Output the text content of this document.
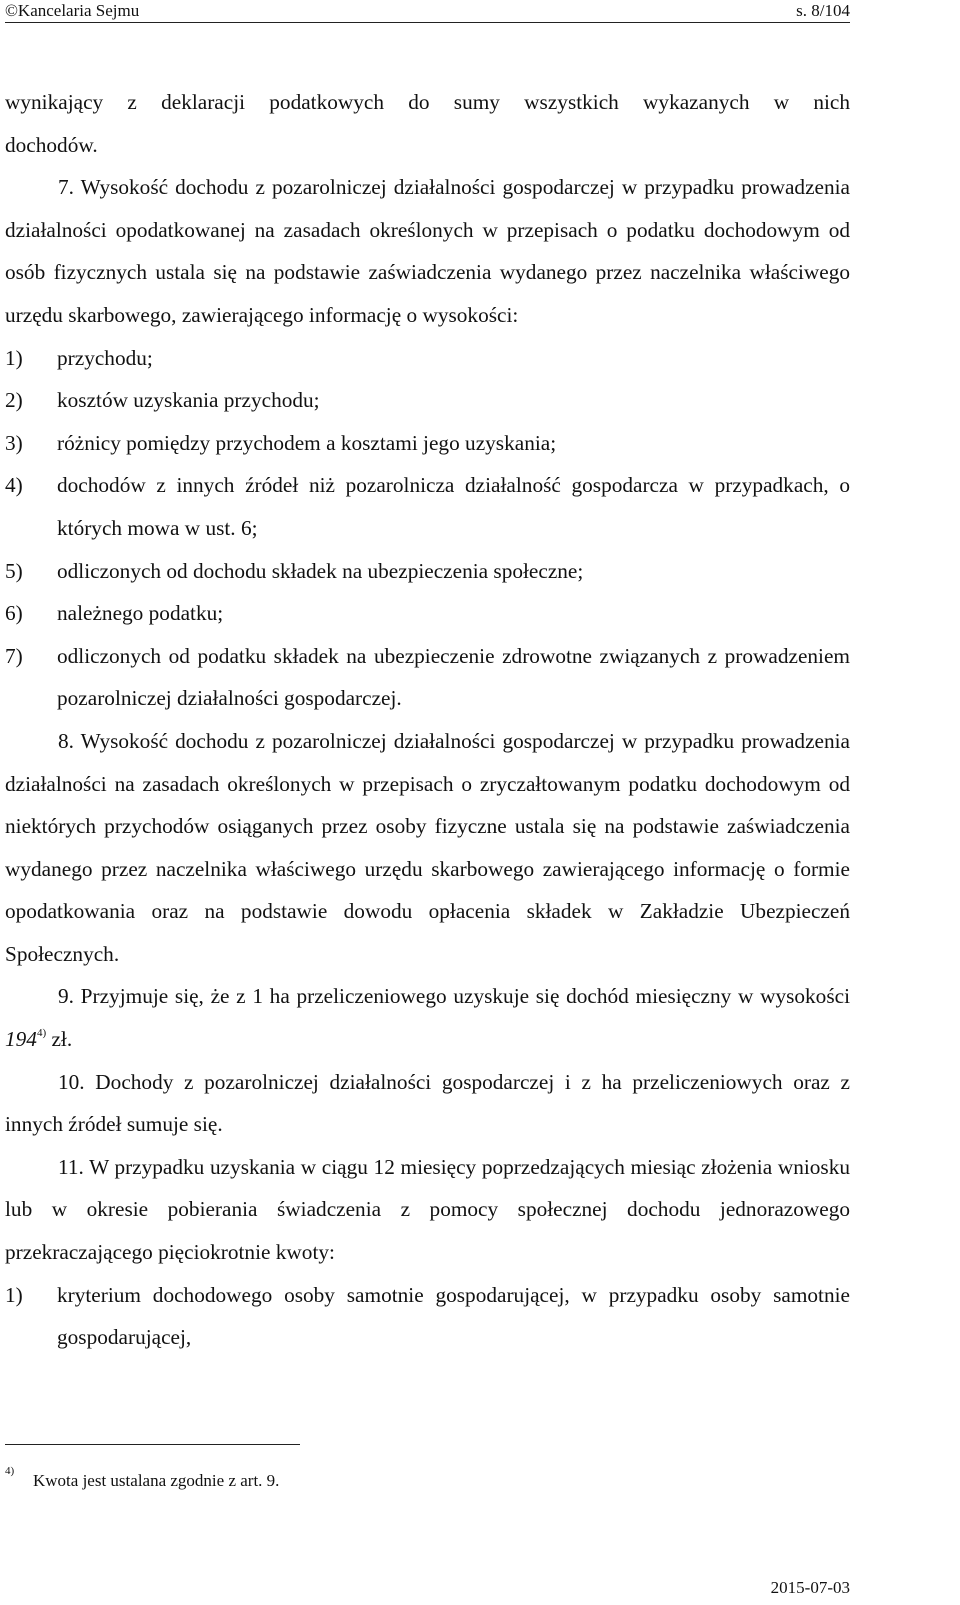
©Kancelaria Sejmu	s. 8/104

wynikający z deklaracji podatkowych do sumy wszystkich wykazanych w nich

dochodów.

7. Wysokość dochodu z pozarolniczej działalności gospodarczej w przypadku prowadzenia działalności opodatkowanej na zasadach określonych w przepisach o podatku dochodowym od osób fizycznych ustala się na podstawie zaświadczenia wydanego przez naczelnika właściwego urzędu skarbowego, zawierającego informację o wysokości:

1) przychodu;

2) kosztów uzyskania przychodu;

3) różnicy pomiędzy przychodem a kosztami jego uzyskania;

4) dochodów z innych źródeł niż pozarolnicza działalność gospodarcza w przypadkach, o których mowa w ust. 6;

5) odliczonych od dochodu składek na ubezpieczenia społeczne;

6) należnego podatku;

7) odliczonych od podatku składek na ubezpieczenie zdrowotne związanych z prowadzeniem pozarolniczej działalności gospodarczej.

8. Wysokość dochodu z pozarolniczej działalności gospodarczej w przypadku prowadzenia działalności na zasadach określonych w przepisach o zryczałtowanym podatku dochodowym od niektórych przychodów osiąganych przez osoby fizyczne ustala się na podstawie zaświadczenia wydanego przez naczelnika właściwego urzędu skarbowego zawierającego informację o formie opodatkowania oraz na podstawie dowodu opłacenia składek w Zakładzie Ubezpieczeń Społecznych.

9. Przyjmuje się, że z 1 ha przeliczeniowego uzyskuje się dochód miesięczny w wysokości 194$^{4)}$ zł.

10. Dochody z pozarolniczej działalności gospodarczej i z ha przeliczeniowych oraz z innych źródeł sumuje się.

11. W przypadku uzyskania w ciągu 12 miesięcy poprzedzających miesiąc złożenia wniosku lub w okresie pobierania świadczenia z pomocy społecznej dochodu jednorazowego przekraczającego pięciokrotnie kwoty:

1) kryterium dochodowego osoby samotnie gospodarującej, w przypadku osoby samotnie gospodarującej,

4) Kwota jest ustalana zgodnie z art. 9.
2015-07-03
